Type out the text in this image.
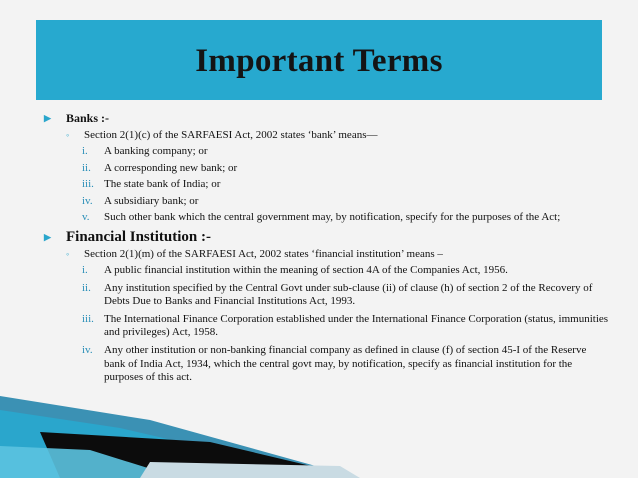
Important Terms
▶ Banks :-
◦ Section 2(1)(c) of the SARFAESI Act, 2002 states ‘bank’ means—
i. A banking company; or
ii. A corresponding new bank; or
iii. The state bank of India; or
iv. A subsidiary bank; or
v. Such other bank which the central government may, by notification, specify for the purposes of the Act;
▶ Financial Institution :-
◦ Section 2(1)(m) of the SARFAESI Act, 2002 states ‘financial institution’ means –
i. A public financial institution within the meaning of section 4A of the Companies Act, 1956.
ii. Any institution specified by the Central Govt under sub-clause (ii) of clause (h) of section 2 of the Recovery of Debts Due to Banks and Financial Institutions Act, 1993.
iii. The International Finance Corporation established under the International Finance Corporation (status, immunities and privileges) Act, 1958.
iv. Any other institution or non-banking financial company as defined in clause (f) of section 45-I of the Reserve bank of India Act, 1934, which the central govt may, by notification, specify as financial institution for the purposes of this act.
